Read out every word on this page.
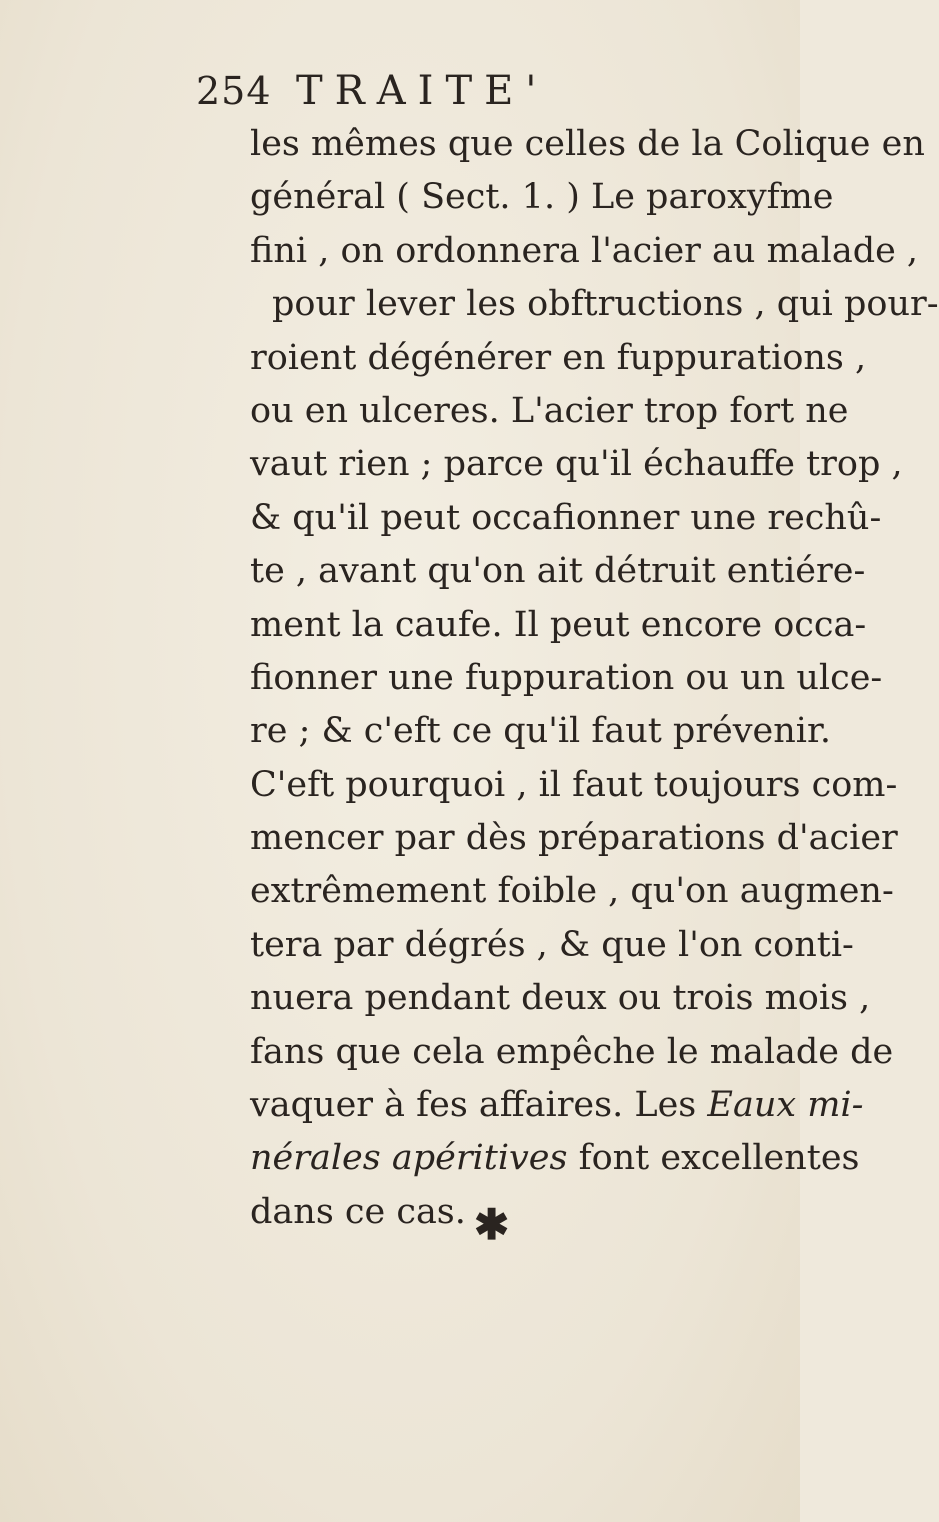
254 TRAITE'
les mêmes que celles de la Colique en
général ( Sect. 1. ) Le paroxyfme
fini , on ordonnera l'acier au malade ,
pour lever les obftructions , qui pour-
roient dégénérer en fuppurations ,
ou en ulceres. L'acier trop fort ne
vaut rien ; parce qu'il échauffe trop ,
& qu'il peut occafionner une rechû-
te , avant qu'on ait détruit entiére-
ment la caufe. Il peut encore occa-
fionner une fuppuration ou un ulce-
re ; & c'eft ce qu'il faut prévenir.
C'eft pourquoi , il faut toujours com-
mencer par dès préparations d'acier
extrêmement foible , qu'on augmen-
tera par dégrés , & que l'on conti-
nuera pendant deux ou trois mois ,
fans que cela empêche le malade de
vaquer à fes affaires. Les Eaux mi-
nérales apéritives font excellentes
dans ce cas. ✱
